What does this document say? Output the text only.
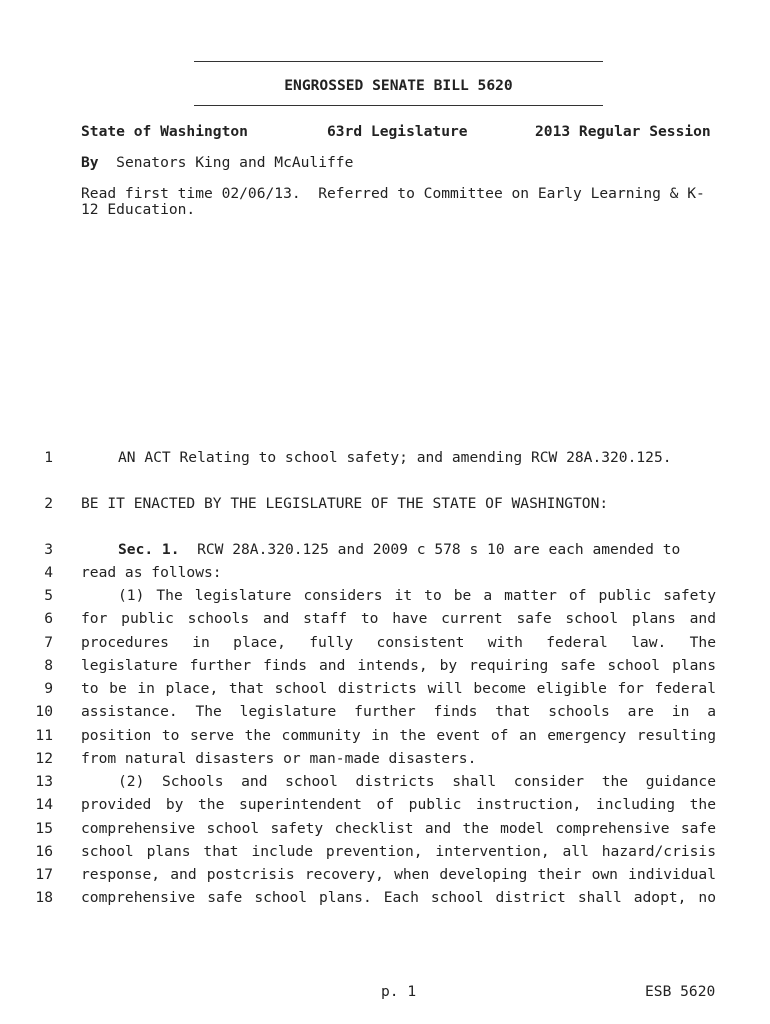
ENGROSSED SENATE BILL 5620
State of Washington	63rd Legislature	2013 Regular Session
By Senators King and McAuliffe
Read first time 02/06/13.  Referred to Committee on Early Learning & K-
12 Education.
1	AN ACT Relating to school safety; and amending RCW 28A.320.125.
2 BE IT ENACTED BY THE LEGISLATURE OF THE STATE OF WASHINGTON:
3	Sec. 1.  RCW 28A.320.125 and 2009 c 578 s 10 are each amended to
4 read as follows:
5	(1) The legislature considers it to be a matter of public safety
6 for public schools and staff to have current safe school plans and
7 procedures in place, fully consistent with federal law. The
8 legislature further finds and intends, by requiring safe school plans
9 to be in place, that school districts will become eligible for federal
10 assistance. The legislature further finds that schools are in a
11 position to serve the community in the event of an emergency resulting
12 from natural disasters or man-made disasters.
13	(2) Schools and school districts shall consider the guidance
14 provided by the superintendent of public instruction, including the
15 comprehensive school safety checklist and the model comprehensive safe
16 school plans that include prevention, intervention, all hazard/crisis
17 response, and postcrisis recovery, when developing their own individual
18 comprehensive safe school plans. Each school district shall adopt, no
p. 1	ESB 5620
